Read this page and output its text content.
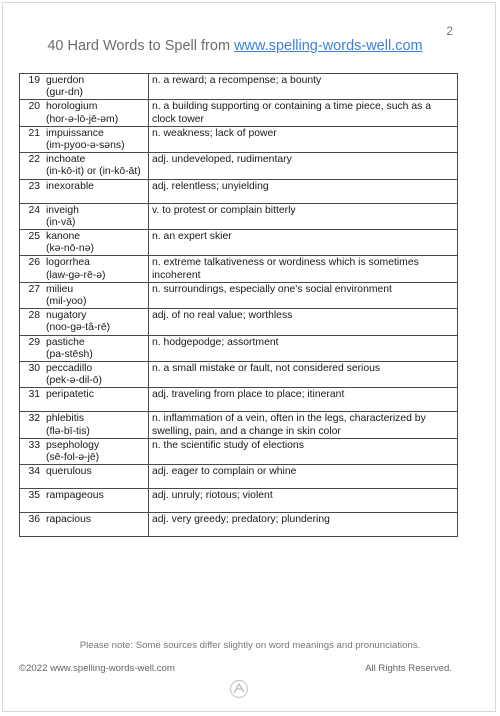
2
40 Hard Words to Spell from www.spelling-words-well.com
19 guerdon
(gur-dn)	n. a reward; a recompense; a bounty
20 horologium
(hor-ə-lō-jē-əm)	n. a building supporting or containing a time piece, such as a clock tower
21 impuissance
(im-pyoo-ə-səns)	n. weakness; lack of power
22 inchoate
(in-kō-it) or (in-kō-āt)	adj. undeveloped, rudimentary
23 inexorable	adj. relentless; unyielding
24 inveigh
(in-vā)	v. to protest or complain bitterly
25 kanone
(kə-nō-nə)	n. an expert skier
26 logorrhea
(law-gə-rē-ə)	n. extreme talkativeness or wordiness which is sometimes incoherent
27 milieu
(mil-yoo)	n. surroundings, especially one's social environment
28 nugatory
(noo-gə-tâ-rē)	adj. of no real value; worthless
29 pastiche
(pa-stēsh)	n. hodgepodge; assortment
30 peccadillo
(pek-ə-dil-ō)	n. a small mistake or fault, not considered serious
31 peripatetic	adj. traveling from place to place; itinerant
32 phlebitis
(flə-bī-tis)	n. inflammation of a vein, often in the legs, characterized by swelling, pain, and a change in skin color
33 psephology
(sē-fol-ə-jē)	n. the scientific study of elections
34 querulous	adj. eager to complain or whine
35 rampageous	adj. unruly; riotous; violent
36 rapacious	adj. very greedy; predatory; plundering
Please note: Some sources differ slightly on word meanings and pronunciations.
©2022 www.spelling-words-well.com	All Rights Reserved.
